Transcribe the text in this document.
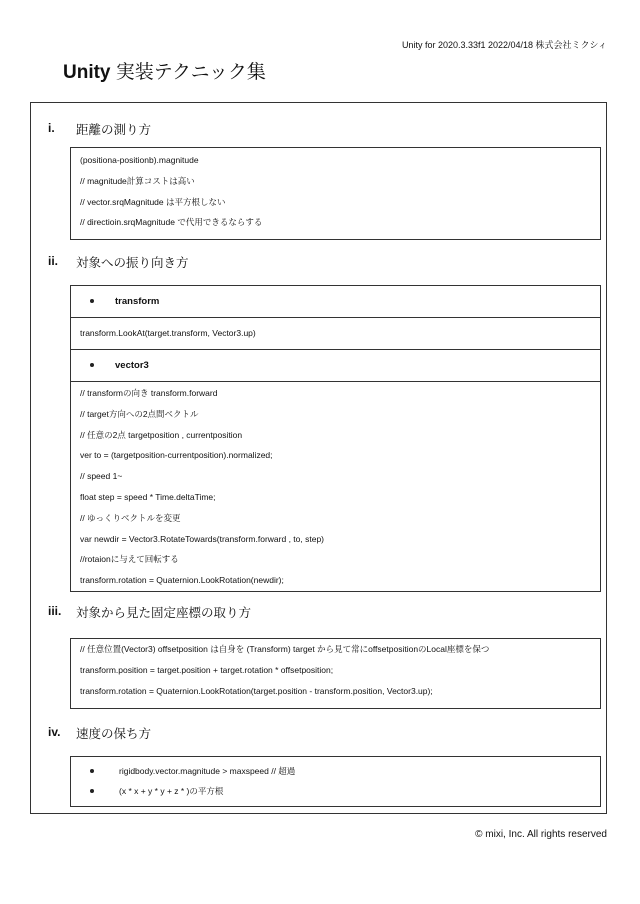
Unity for 2020.3.33f1 2022/04/18 株式会社ミクシィ
Unity 実装テクニック集
i. 距離の測り方
(positiona-positionb).magnitude
// magnitude計算コストは高い
// vector.srqMagnitude は平方根しない
// directioin.srqMagnitude で代用できるならする
ii. 対象への振り向き方
transform
transform.LookAt(target.transform, Vector3.up)
vector3
// transformの向き transform.forward
// target方向への2点間ベクトル
// 任意の2点 targetposition , currentposition
ver to = (targetposition-currentposition).normalized;
// speed 1~
float step = speed * Time.deltaTime;
// ゆっくりベクトルを変更
var newdir = Vector3.RotateTowards(transform.forward , to, step)
//rotaionに与えて回転する
transform.rotation = Quaternion.LookRotation(newdir);
iii. 対象から見た固定座標の取り方
// 任意位置(Vector3) offsetposition は自身を (Transform) target から見て常にoffsetpositionのLocal座標を保つ
transform.position = target.position + target.rotation * offsetposition;
transform.rotation = Quaternion.LookRotation(target.position - transform.position, Vector3.up);
iv. 速度の保ち方
rigidbody.vector.magnitude > maxspeed // 超過
(x * x + y * y + z * )の平方根
© mixi, Inc. All rights reserved
